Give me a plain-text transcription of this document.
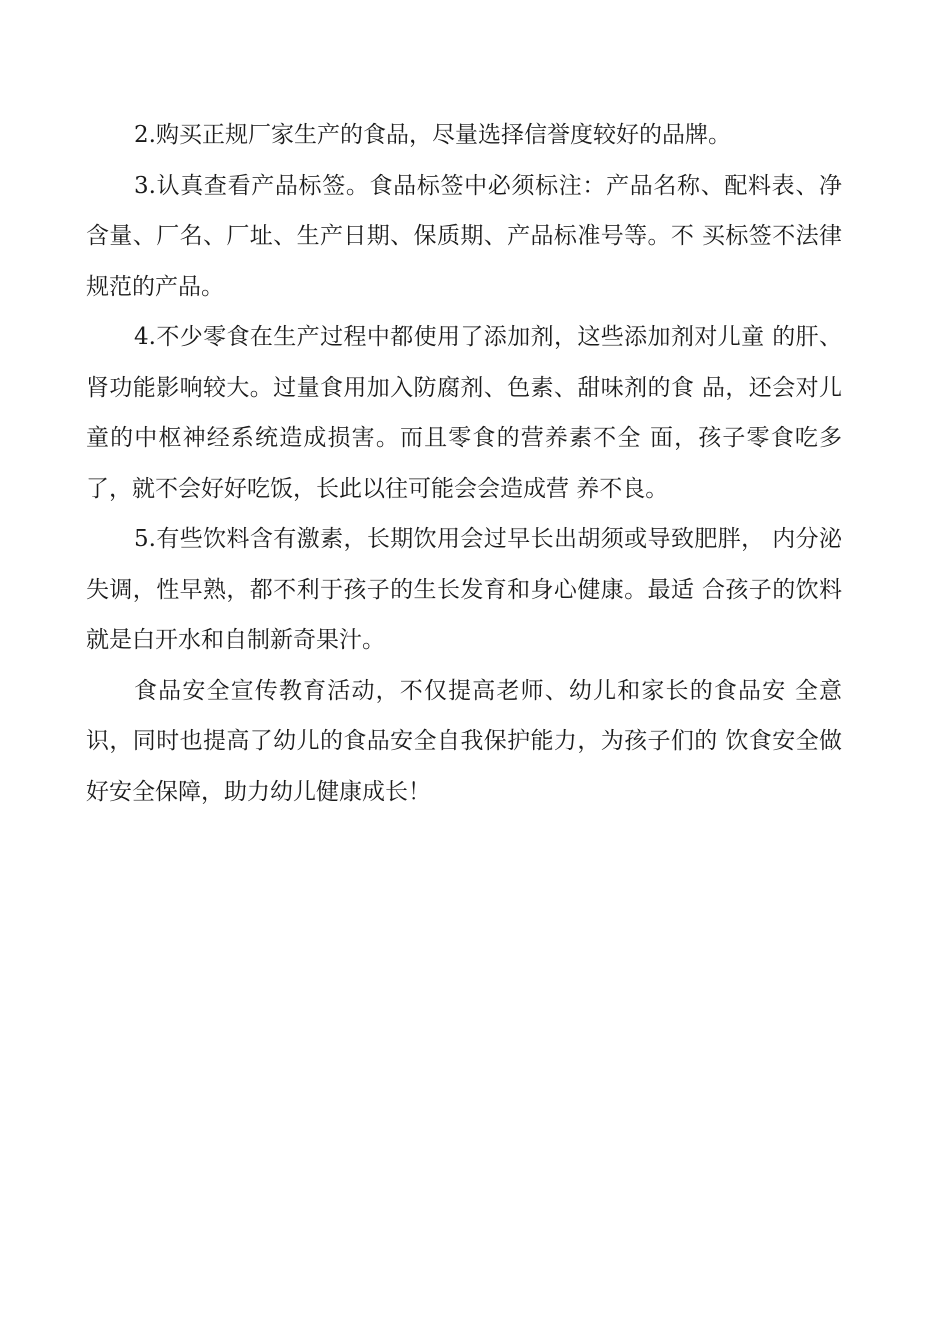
2.购买正规厂家生产的食品，尽量选择信誉度较好的品牌。

3.认真查看产品标签。食品标签中必须标注：产品名称、配料表、净含量、厂名、厂址、生产日期、保质期、产品标准号等。不 买标签不法律规范的产品。

4.不少零食在生产过程中都使用了添加剂，这些添加剂对儿童 的肝、肾功能影响较大。过量食用加入防腐剂、色素、甜味剂的食 品，还会对儿童的中枢神经系统造成损害。而且零食的营养素不全 面，孩子零食吃多了，就不会好好吃饭，长此以往可能会会造成营 养不良。

5.有些饮料含有激素，长期饮用会过早长出胡须或导致肥胖， 内分泌失调，性早熟，都不利于孩子的生长发育和身心健康。最适 合孩子的饮料就是白开水和自制新奇果汁。

食品安全宣传教育活动，不仅提高老师、幼儿和家长的食品安 全意识，同时也提高了幼儿的食品安全自我保护能力，为孩子们的 饮食安全做好安全保障，助力幼儿健康成长！
